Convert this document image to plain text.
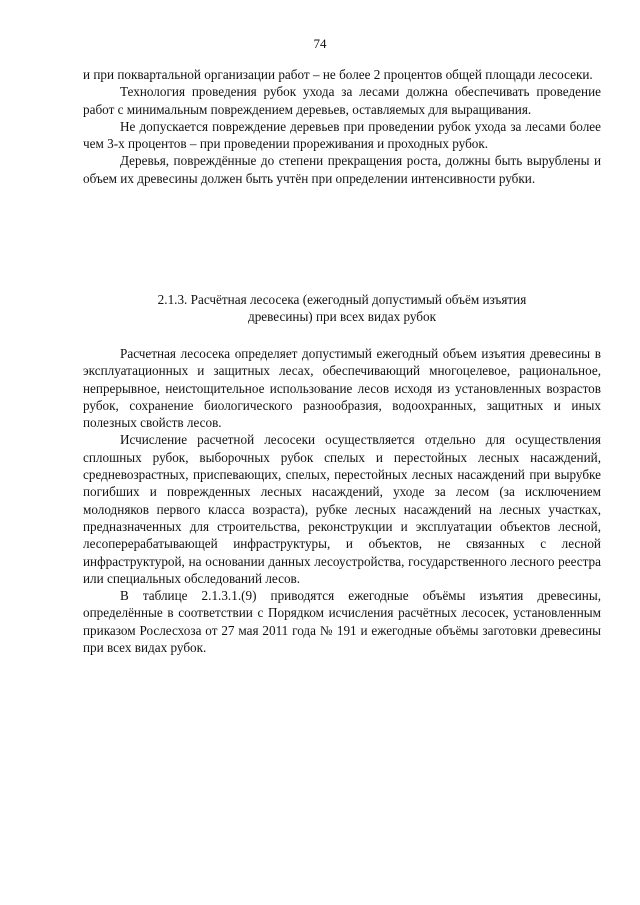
74

и при поквартальной организации работ – не более 2 процентов общей площади лесосеки.

Технология проведения рубок ухода за лесами должна обеспечивать проведение работ с минимальным повреждением деревьев, оставляемых для выращивания.

Не допускается повреждение деревьев при проведении рубок ухода за лесами более чем 3-х процентов – при проведении прореживания и проходных рубок.

Деревья, повреждённые до степени прекращения роста, должны быть вырублены и объем их древесины должен быть учтён при определении интенсивности рубки.

2.1.3. Расчётная лесосека (ежегодный допустимый объём изъятия
древесины) при всех видах рубок

Расчетная лесосека определяет допустимый ежегодный объем изъятия древесины в эксплуатационных и защитных лесах, обеспечивающий многоцелевое, рациональное, непрерывное, неистощительное использование лесов исходя из установленных возрастов рубок, сохранение биологического разнообразия, водоохранных, защитных и иных полезных свойств лесов.

Исчисление расчетной лесосеки осуществляется отдельно для осуществления сплошных рубок, выборочных рубок спелых и перестойных лесных насаждений, средневозрастных, приспевающих, спелых, перестойных лесных насаждений при вырубке погибших и поврежденных лесных насаждений, уходе за лесом (за исключением молодняков первого класса возраста), рубке лесных насаждений на лесных участках, предназначенных для строительства, реконструкции и эксплуатации объектов лесной, лесоперерабатывающей инфраструктуры, и объектов, не связанных с лесной инфраструктурой, на основании данных лесоустройства, государственного лесного реестра или специальных обследований лесов.

В таблице 2.1.3.1.(9) приводятся ежегодные объёмы изъятия древесины, определённые в соответствии с Порядком исчисления расчётных лесосек, установленным приказом Рослесхоза от 27 мая 2011 года № 191 и ежегодные объёмы заготовки древесины при всех видах рубок.
